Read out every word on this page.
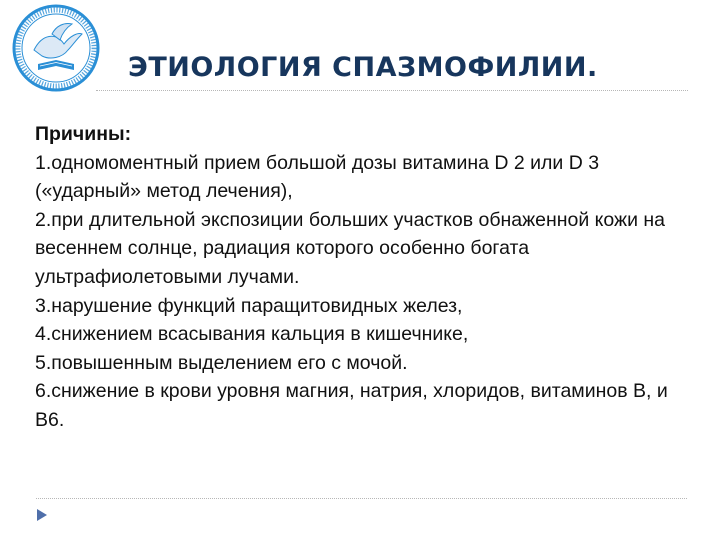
ЭТИОЛОГИЯ СПАЗМОФИЛИИ.

Причины:

1.одномоментный прием большой дозы витамина D 2 или D 3 («ударный» метод лечения),

2.при длительной экспозиции больших участков обнаженной кожи на весеннем солнце, радиация которого особенно богата ультрафиолетовыми лучами.

3.нарушение функций паращитовидных желез,

4.снижением всасывания кальция в кишечнике,

5.повышенным выделением его с мочой.

6.снижение в крови уровня магния, натрия, хлоридов, витаминов B, и B6.
